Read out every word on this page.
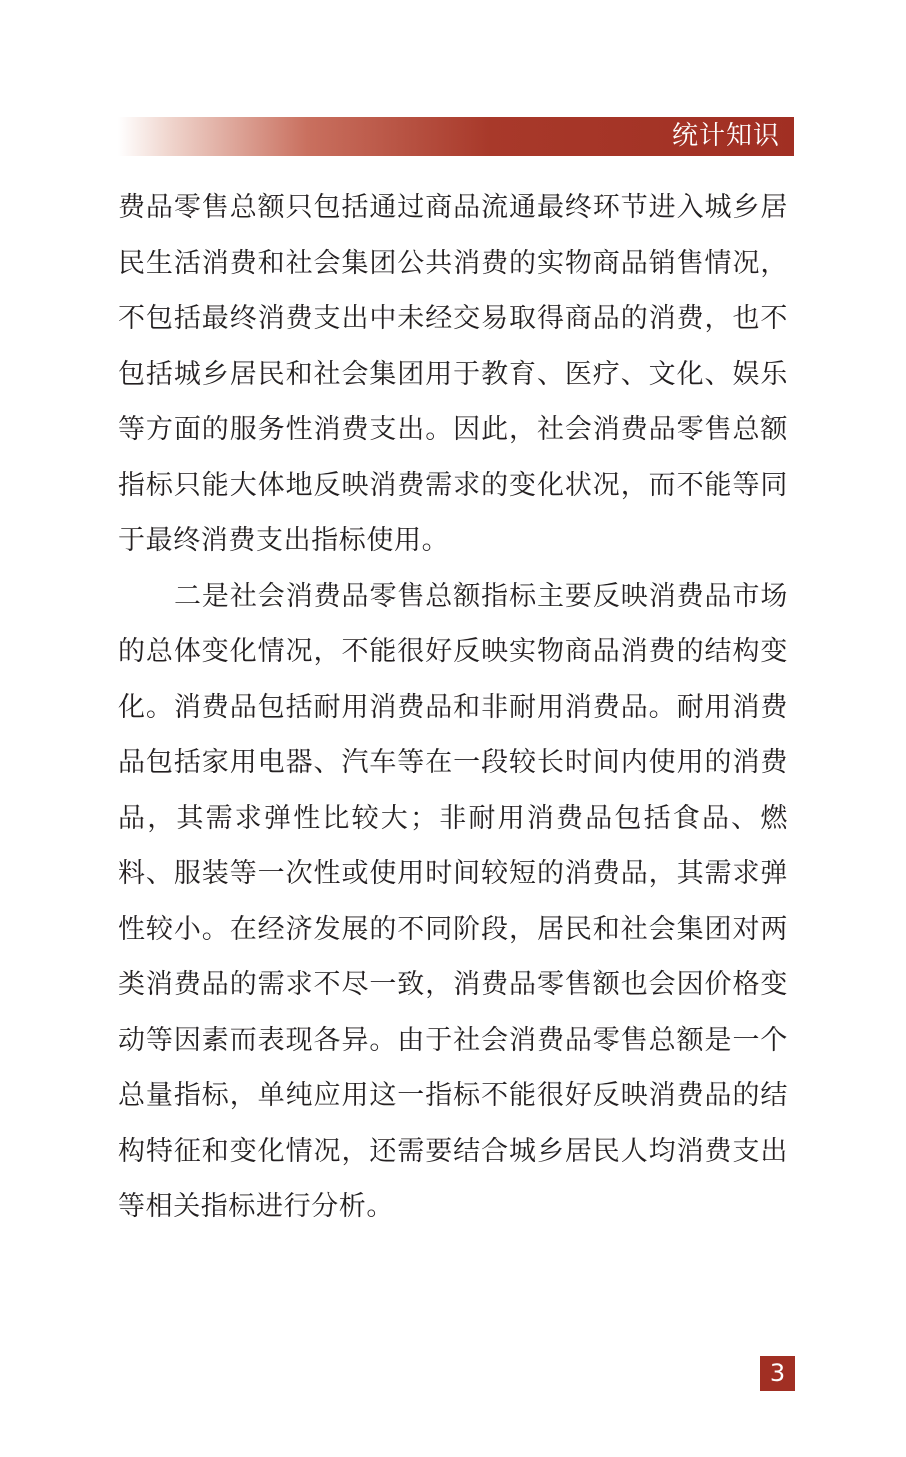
统计知识

费品零售总额只包括通过商品流通最终环节进入城乡居民生活消费和社会集团公共消费的实物商品销售情况，不包括最终消费支出中未经交易取得商品的消费，也不包括城乡居民和社会集团用于教育、医疗、文化、娱乐等方面的服务性消费支出。因此，社会消费品零售总额指标只能大体地反映消费需求的变化状况，而不能等同于最终消费支出指标使用。

二是社会消费品零售总额指标主要反映消费品市场的总体变化情况，不能很好反映实物商品消费的结构变化。消费品包括耐用消费品和非耐用消费品。耐用消费品包括家用电器、汽车等在一段较长时间内使用的消费品，其需求弹性比较大；非耐用消费品包括食品、燃料、服装等一次性或使用时间较短的消费品，其需求弹性较小。在经济发展的不同阶段，居民和社会集团对两类消费品的需求不尽一致，消费品零售额也会因价格变动等因素而表现各异。由于社会消费品零售总额是一个总量指标，单纯应用这一指标不能很好反映消费品的结构特征和变化情况，还需要结合城乡居民人均消费支出等相关指标进行分析。

3
